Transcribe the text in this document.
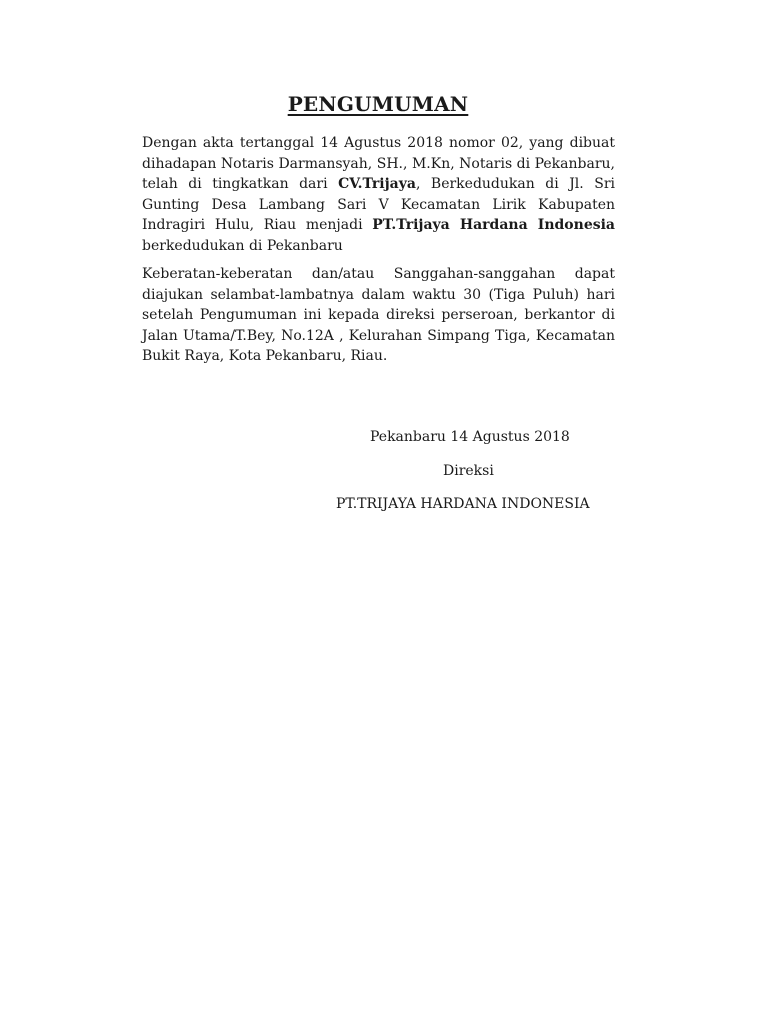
PENGUMUMAN

Dengan akta tertanggal 14 Agustus 2018 nomor 02, yang dibuat dihadapan Notaris Darmansyah, SH., M.Kn, Notaris di Pekanbaru, telah di tingkatkan dari CV.Trijaya, Berkedudukan di Jl. Sri Gunting Desa Lambang Sari V Kecamatan Lirik Kabupaten Indragiri Hulu, Riau menjadi PT.Trijaya Hardana Indonesia berkedudukan di Pekanbaru

Keberatan-keberatan dan/atau Sanggahan-sanggahan dapat diajukan selambat-lambatnya dalam waktu 30 (Tiga Puluh) hari setelah Pengumuman ini kepada direksi perseroan, berkantor di Jalan Utama/T.Bey, No.12A , Kelurahan Simpang Tiga, Kecamatan Bukit Raya, Kota Pekanbaru, Riau.

Pekanbaru 14 Agustus 2018
Direksi
PT.TRIJAYA HARDANA INDONESIA
